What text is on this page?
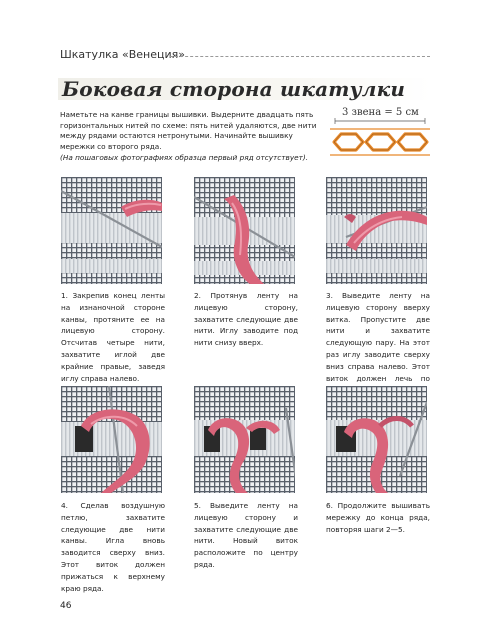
Шкатулка «Венеция»
Боковая сторона шкатулки

Наметьте на канве границы вышивки. Выдерните двадцать пять горизонтальных нитей по схеме: пять нитей удаляются, две нити между рядами остаются нетронутыми. Начинайте вышивку мережки со второго ряда.

(На пошаговых фотографиях образца первый ряд отсутствует).

3 звена = 5 см
1. Закрепив конец ленты на изнаночной стороне канвы, протяните ее на лицевую сторону. Отсчитав четыре нити, захватите иглой две крайние правые, заведя иглу справа налево.
2. Протянув ленту на лицевую сторону, захватите следующие две нити. Иглу заводите под нити снизу вверх.
3. Выведите ленту на лицевую сторону вверху витка. Пропустите две нити и захватите следующую пару. На этот раз иглу заводите сверху вниз справа налево. Этот виток должен лечь по
4. Сделав воздушную петлю, захватите следующие две нити канвы. Игла вновь заводится сверху вниз. Этот виток должен прижаться к верхнему краю ряда.
5. Выведите ленту на лицевую сторону и захватите следующие две нити. Новый виток расположите по центру ряда.
6. Продолжите вышивать мережку до конца ряда, повторяя шаги 2—5.
46
